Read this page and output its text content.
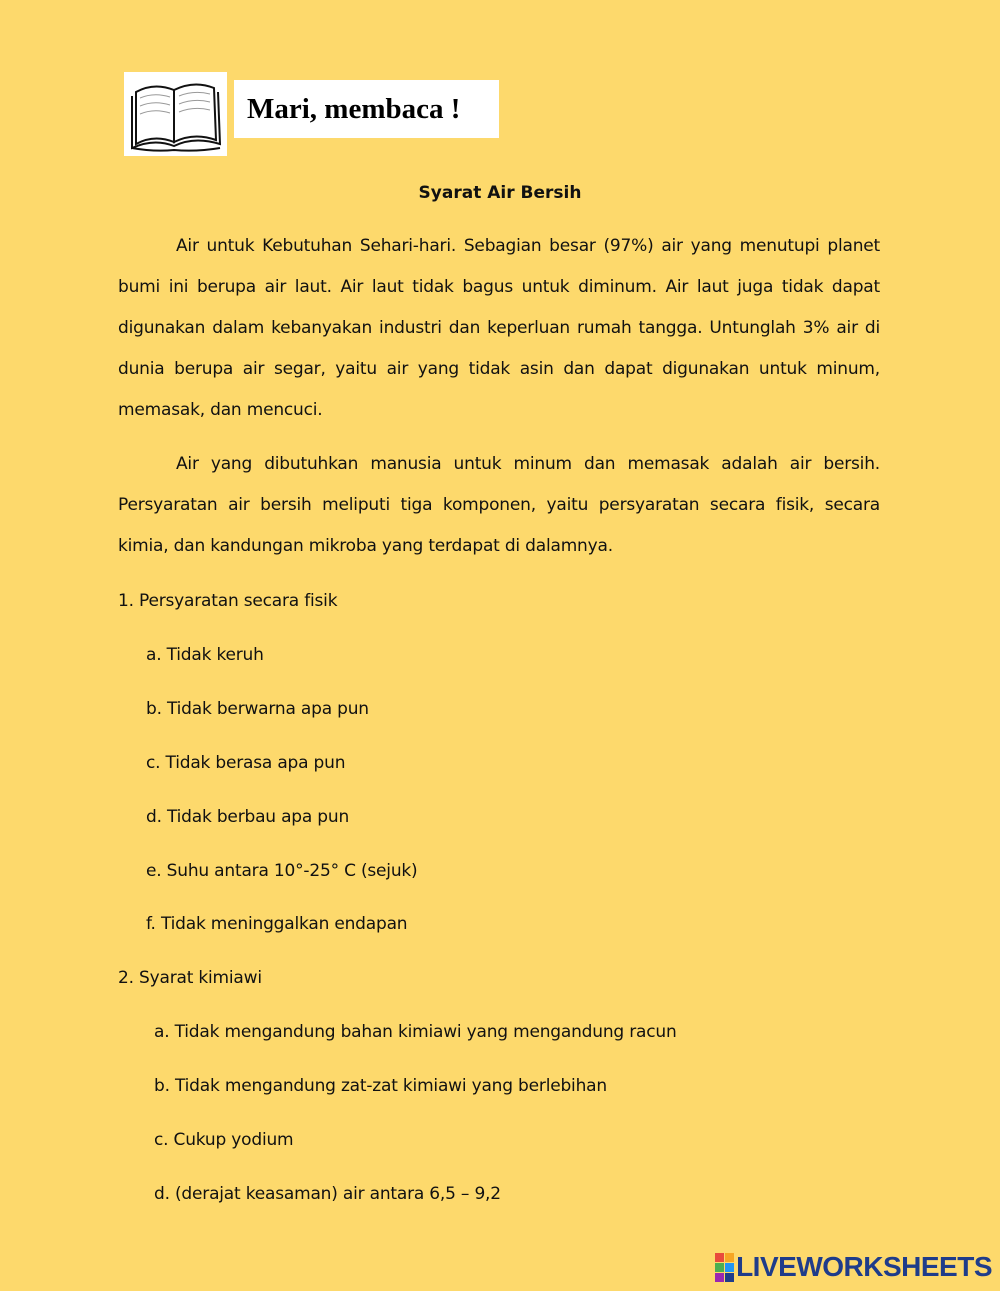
Mari, membaca !
Syarat Air Bersih

Air untuk Kebutuhan Sehari-hari. Sebagian besar (97%) air yang menutupi planet bumi ini berupa air laut. Air laut tidak bagus untuk diminum. Air laut juga tidak dapat digunakan dalam kebanyakan industri dan keperluan rumah tangga. Untunglah 3% air di dunia berupa air segar, yaitu air yang tidak asin dan dapat digunakan untuk minum, memasak, dan mencuci.

Air yang dibutuhkan manusia untuk minum dan memasak adalah air bersih. Persyaratan air bersih meliputi tiga komponen, yaitu persyaratan secara fisik, secara kimia, dan kandungan mikroba yang terdapat di dalamnya.

1. Persyaratan secara fisik
a. Tidak keruh
b. Tidak berwarna apa pun
c. Tidak berasa apa pun
d. Tidak berbau apa pun
e. Suhu antara 10°-25° C (sejuk)
f. Tidak meninggalkan endapan
2. Syarat kimiawi
a. Tidak mengandung bahan kimiawi yang mengandung racun
b. Tidak mengandung zat-zat kimiawi yang berlebihan
c. Cukup yodium
d. (derajat keasaman) air antara 6,5 – 9,2
LIVEWORKSHEETS
